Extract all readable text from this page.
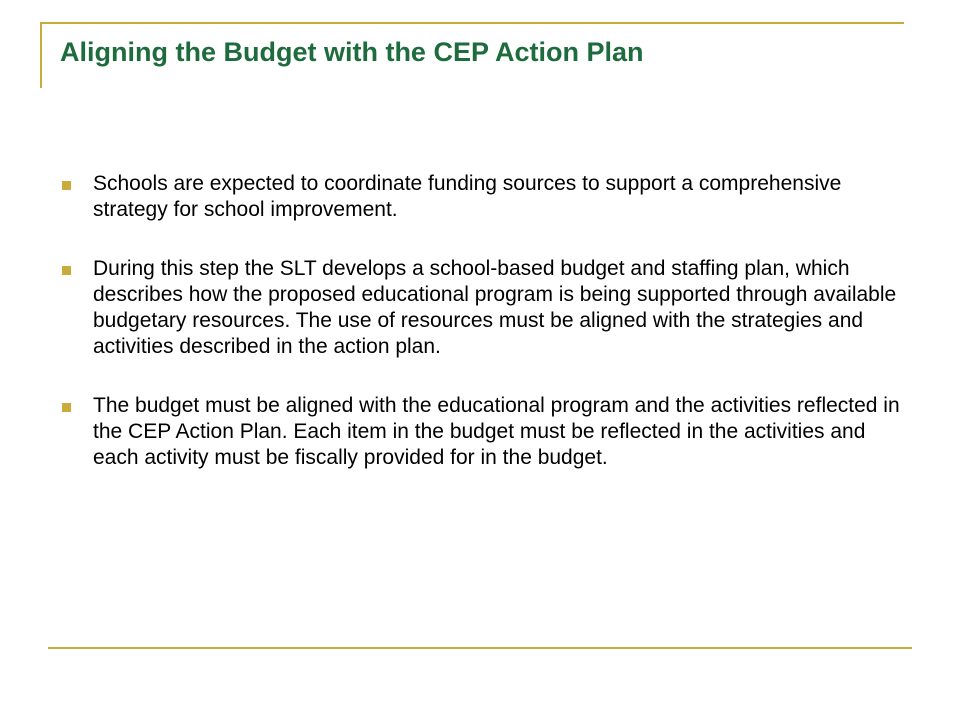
Aligning the Budget with the CEP Action Plan
Schools are expected to coordinate funding sources to support a comprehensive strategy for school improvement.
During this step the SLT develops a school-based budget and staffing plan, which describes how the proposed educational program is being supported through available budgetary resources. The use of resources must be aligned with the strategies and activities described in the action plan.
The budget must be aligned with the educational program and the activities reflected in the CEP Action Plan. Each item in the budget must be reflected in the activities and each activity must be fiscally provided for in the budget.
